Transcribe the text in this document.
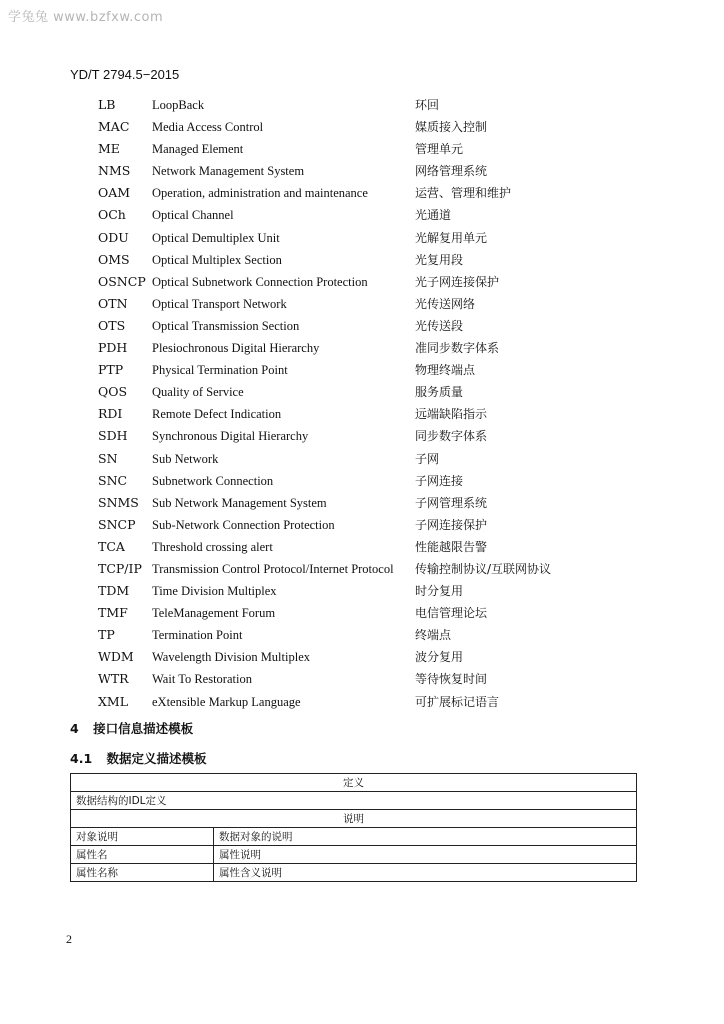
学兔兔 www.bzfxw.com
YD/T 2794.5−2015
LB	LoopBack	环回
MAC Media Access Control	媒质接入控制
ME	Managed Element	管理单元
NMS Network Management System	网络管理系统
OAM Operation, administration and maintenance	运营、管理和维护
OCh Optical Channel	光通道
ODU Optical Demultiplex Unit	光解复用单元
OMS Optical Multiplex Section	光复用段
OSNCP Optical Subnetwork Connection Protection	光子网连接保护
OTN Optical Transport Network	光传送网络
OTS Optical Transmission Section	光传送段
PDH Plesiochronous Digital Hierarchy	准同步数字体系
PTP Physical Termination Point	物理终端点
QOS Quality of Service	服务质量
RDI Remote Defect Indication	远端缺陷指示
SDH Synchronous Digital Hierarchy	同步数字体系
SN	Sub Network	子网
SNC Subnetwork Connection	子网连接
SNMS Sub Network Management System	子网管理系统
SNCP Sub-Network Connection Protection	子网连接保护
TCA Threshold crossing alert	性能越限告警
TCP/IP Transmission Control Protocol/Internet Protocol 传输控制协议/互联网协议
TDM Time Division Multiplex	时分复用
TMF TeleManagement Forum	电信管理论坛
TP	Termination Point	终端点
WDM Wavelength Division Multiplex	波分复用
WTR Wait To Restoration	等待恢复时间
XML eXtensible Markup Language	可扩展标记语言
4 接口信息描述模板
4.1 数据定义描述模板
定义	
数据结构的IDL定义	
说明	
对象说明	数据对象的说明
属性名	属性说明
属性名称	属性含义说明
2
